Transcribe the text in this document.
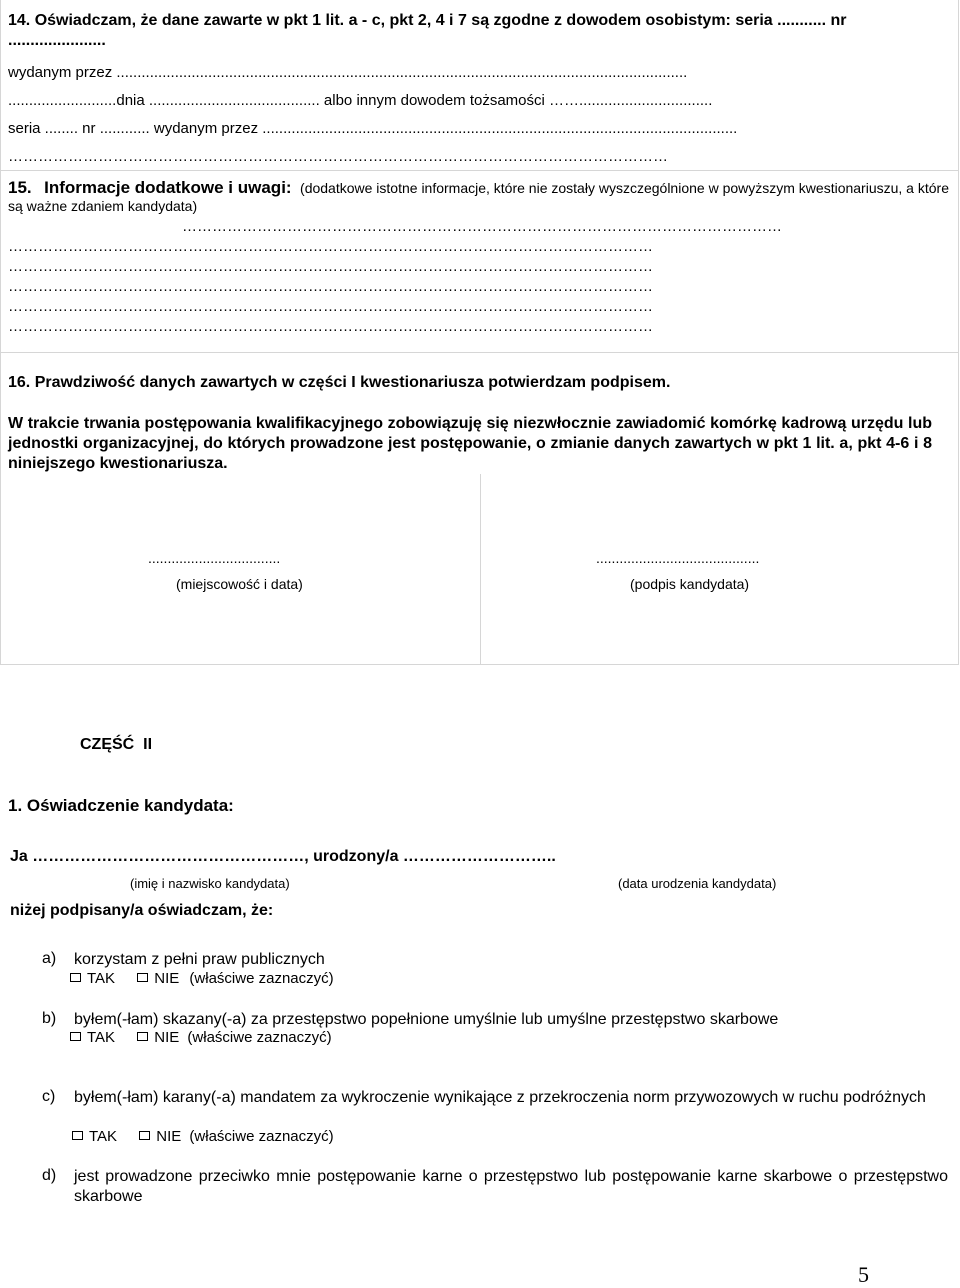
14. Oświadczam, że dane zawarte w pkt 1 lit. a - c, pkt 2, 4 i 7 są zgodne z dowodem osobistym: seria ........... nr
......................
wydanym przez .........................................................................................................................................
..........................dnia ......................................... albo innym dowodem tożsamości ……................................
seria ........ nr ............ wydanym przez ..................................................................................................................
……………………………………………………………………………………………………………………
15. Informacje dodatkowe i uwagi: (dodatkowe istotne informacje, które nie zostały wyszczególnione w powyższym kwestionariuszu, a które
są ważne zdaniem kandydata)
…………………………………………………………………………………………………………
…………………………………………………………………………………………………………………
…………………………………………………………………………………………………………………
…………………………………………………………………………………………………………………
…………………………………………………………………………………………………………………
…………………………………………………………………………………………………………………
16. Prawdziwość danych zawartych w części I kwestionariusza potwierdzam podpisem.
W trakcie trwania postępowania kwalifikacyjnego zobowiązuję się niezwłocznie zawiadomić komórkę kadrową urzędu lub jednostki organizacyjnej, do których prowadzone jest postępowanie, o zmianie danych zawartych w pkt 1 lit. a, pkt 4-6 i 8 niniejszego kwestionariusza.
..................................
(miejscowość i data)
..........................................
(podpis kandydata)
CZĘŚĆ  II
1. Oświadczenie kandydata:
Ja ……………………………………………, urodzony/a ………………………..
(imię i nazwisko kandydata)	(data urodzenia kandydata)
niżej podpisany/a oświadczam, że:
a) korzystam z pełni praw publicznych
TAK	NIE (właściwe zaznaczyć)
b) byłem(-łam) skazany(-a) za przestępstwo popełnione umyślnie lub umyślne przestępstwo skarbowe
TAK	NIE (właściwe zaznaczyć)
c) byłem(-łam) karany(-a) mandatem za wykroczenie wynikające z przekroczenia norm przywozowych w ruchu podróżnych
TAK	NIE (właściwe zaznaczyć)
d) jest prowadzone przeciwko mnie postępowanie karne o przestępstwo lub postępowanie karne skarbowe o przestępstwo skarbowe
5
